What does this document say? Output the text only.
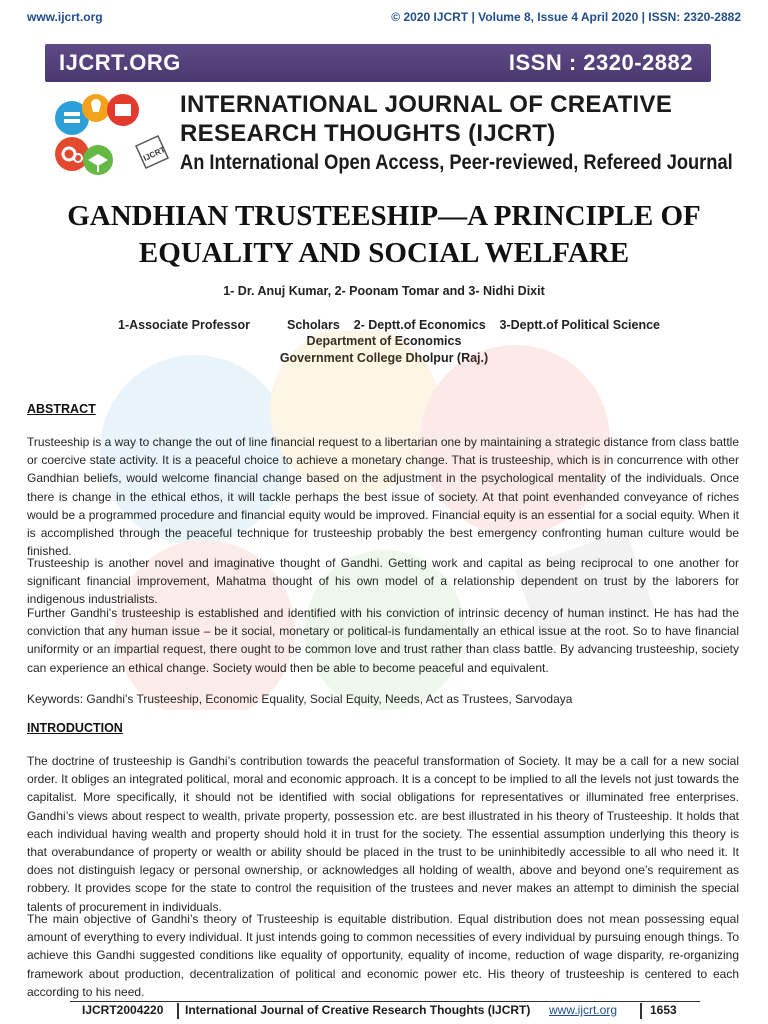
www.ijcrt.org	© 2020 IJCRT | Volume 8, Issue 4 April 2020 | ISSN: 2320-2882
IJCRT.ORG	ISSN : 2320-2882
IJCRT
INTERNATIONAL JOURNAL OF CREATIVE
RESEARCH THOUGHTS (IJCRT)
An International Open Access, Peer-reviewed, Refereed Journal
GANDHIAN TRUSTEESHIP—A PRINCIPLE OF
EQUALITY AND SOCIAL WELFARE
1- Dr. Anuj Kumar, 2- Poonam Tomar and 3- Nidhi Dixit
1-Associate Professor	Scholars    2- Deptt.of Economics    3-Deptt.of Political Science
Department of Economics
Government College Dholpur (Raj.)
ABSTRACT

Trusteeship is a way to change the out of line financial request to a libertarian one by maintaining a strategic distance from class battle or coercive state activity. It is a peaceful choice to achieve a monetary change. That is trusteeship, which is in concurrence with other Gandhian beliefs, would welcome financial change based on the adjustment in the psychological mentality of the individuals. Once there is change in the ethical ethos, it will tackle perhaps the best issue of society. At that point evenhanded conveyance of riches would be a programmed procedure and financial equity would be improved. Financial equity is an essential for a social equity. When it is accomplished through the peaceful technique for trusteeship probably the best emergency confronting human culture would be finished.

Trusteeship is another novel and imaginative thought of Gandhi. Getting work and capital as being reciprocal to one another for significant financial improvement, Mahatma thought of his own model of a relationship dependent on trust by the laborers for indigenous industrialists.

Further Gandhi's trusteeship is established and identified with his conviction of intrinsic decency of human instinct. He has had the conviction that any human issue – be it social, monetary or political-is fundamentally an ethical issue at the root. So to have financial uniformity or an impartial request, there ought to be common love and trust rather than class battle. By advancing trusteeship, society can experience an ethical change. Society would then be able to become peaceful and equivalent.

Keywords: Gandhi's Trusteeship, Economic Equality, Social Equity, Needs, Act as Trustees, Sarvodaya

INTRODUCTION

The doctrine of trusteeship is Gandhi’s contribution towards the peaceful transformation of Society. It may be a call for a new social order. It obliges an integrated political, moral and economic approach. It is a concept to be implied to all the levels not just towards the capitalist. More specifically, it should not be identified with social obligations for representatives or illuminated free enterprises. Gandhi’s views about respect to wealth, private property, possession etc. are best illustrated in his theory of Trusteeship. It holds that each individual having wealth and property should hold it in trust for the society. The essential assumption underlying this theory is that overabundance of property or wealth or ability should be placed in the trust to be uninhibitedly accessible to all who need it. It does not distinguish legacy or personal ownership, or acknowledges all holding of wealth, above and beyond one’s requirement as robbery. It provides scope for the state to control the requisition of the trustees and never makes an attempt to diminish the special talents of procurement in individuals.

The main objective of Gandhi’s theory of Trusteeship is equitable distribution. Equal distribution does not mean possessing equal amount of everything to every individual. It just intends going to common necessities of every individual by pursuing enough things. To achieve this Gandhi suggested conditions like equality of opportunity, equality of income, reduction of wage disparity, re-organizing framework about production, decentralization of political and economic power etc. His theory of trusteeship is centered to each according to his need.

IJCRT2004220 International Journal of Creative Research Thoughts (IJCRT) www.ijcrt.org	1653
